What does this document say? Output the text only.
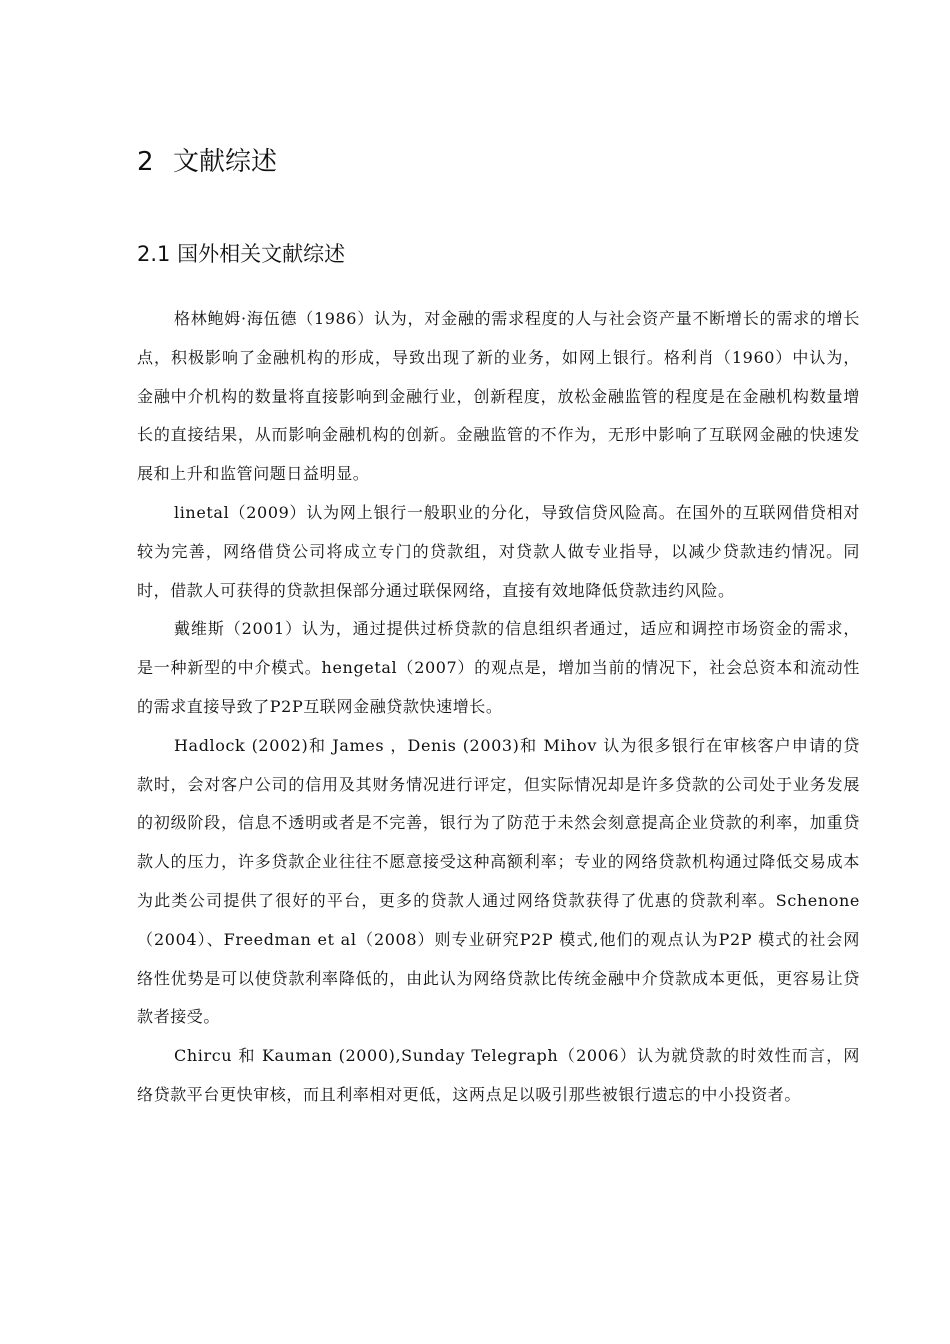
2 文献综述
2.1 国外相关文献综述

格林鲍姆·海伍德（1986）认为，对金融的需求程度的人与社会资产量不断增长的需求的增长点，积极影响了金融机构的形成，导致出现了新的业务，如网上银行。格利肖（1960）中认为，金融中介机构的数量将直接影响到金融行业，创新程度，放松金融监管的程度是在金融机构数量增长的直接结果，从而影响金融机构的创新。金融监管的不作为，无形中影响了互联网金融的快速发展和上升和监管问题日益明显。

linetal（2009）认为网上银行一般职业的分化，导致信贷风险高。在国外的互联网借贷相对较为完善，网络借贷公司将成立专门的贷款组，对贷款人做专业指导，以减少贷款违约情况。同时，借款人可获得的贷款担保部分通过联保网络，直接有效地降低贷款违约风险。

戴维斯（2001）认为，通过提供过桥贷款的信息组织者通过，适应和调控市场资金的需求，是一种新型的中介模式。hengetal（2007）的观点是，增加当前的情况下，社会总资本和流动性的需求直接导致了P2P互联网金融贷款快速增长。

Hadlock (2002)和 James ，Denis (2003)和 Mihov 认为很多银行在审核客户申请的贷款时，会对客户公司的信用及其财务情况进行评定，但实际情况却是许多贷款的公司处于业务发展的初级阶段，信息不透明或者是不完善，银行为了防范于未然会刻意提高企业贷款的利率，加重贷款人的压力，许多贷款企业往往不愿意接受这种高额利率；专业的网络贷款机构通过降低交易成本为此类公司提供了很好的平台，更多的贷款人通过网络贷款获得了优惠的贷款利率。Schenone（2004）、Freedman et al（2008）则专业研究P2P 模式,他们的观点认为P2P 模式的社会网络性优势是可以使贷款利率降低的，由此认为网络贷款比传统金融中介贷款成本更低，更容易让贷款者接受。

Chircu 和 Kauman (2000),Sunday Telegraph（2006）认为就贷款的时效性而言，网络贷款平台更快审核，而且利率相对更低，这两点足以吸引那些被银行遗忘的中小投资者。
